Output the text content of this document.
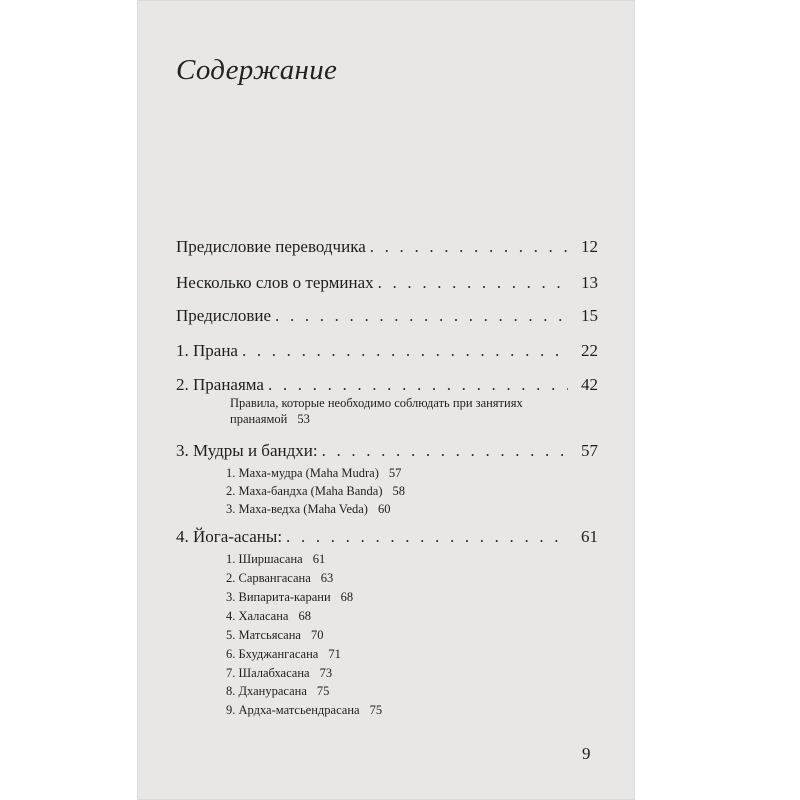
Содержание
Предисловие переводчика . . .	12
Несколько слов о терминах . . .	13
Предисловие . . .	15
1. Прана . . .	22
2. Пранаяма . . .	42
Правила, которые необходимо соблюдать при занятиях пранаямой 53
3. Мудры и бандхи: . . .	57
1. Маха-мудра (Maha Mudra) 57
2. Маха-бандха (Maha Banda) 58
3. Маха-ведха (Maha Veda) 60
4. Йога-асаны: . . .	61
1. Ширшасана 61
2. Сарвангасана 63
3. Випарита-карани 68
4. Халасана 68
5. Матсьясана 70
6. Бхуджангасана 71
7. Шалабхасана 73
8. Дханурасана 75
9. Ардха-матсьендрасана 75
9
